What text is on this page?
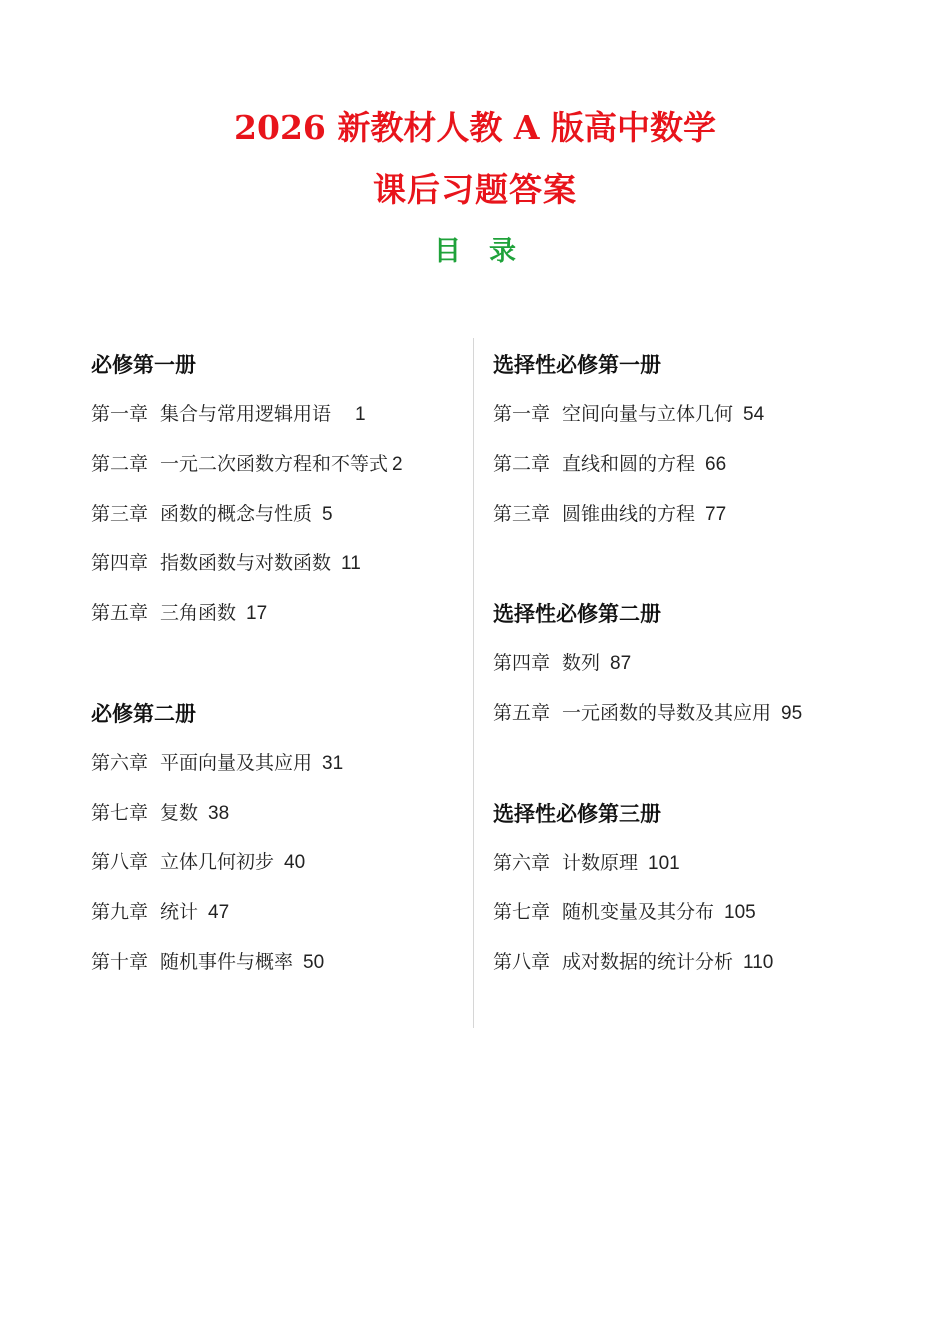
2026 新教材人教 A 版高中数学
课后习题答案
目录
必修第一册
第一章 集合与常用逻辑用语 1
第二章 一元二次函数方程和不等式 2
第三章 函数的概念与性质 5
第四章 指数函数与对数函数 11
第五章 三角函数 17
必修第二册
第六章 平面向量及其应用 31
第七章 复数 38
第八章 立体几何初步 40
第九章 统计 47
第十章 随机事件与概率 50
选择性必修第一册
第一章 空间向量与立体几何 54
第二章 直线和圆的方程 66
第三章 圆锥曲线的方程 77
选择性必修第二册
第四章 数列 87
第五章 一元函数的导数及其应用 95
选择性必修第三册
第六章 计数原理 101
第七章 随机变量及其分布 105
第八章 成对数据的统计分析 110
